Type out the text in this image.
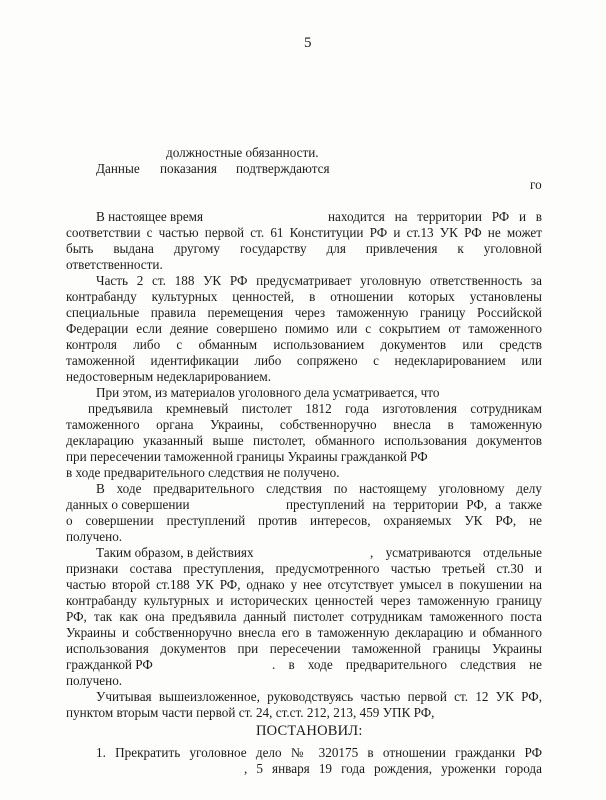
5
должностные обязанности.
Данные показания подтверждаются
го
В настоящее время	находится на территории РФ и в
соответствии с частью первой ст. 61 Конституции РФ и ст.13 УК РФ не может
быть выдана другому государству для привлечения к уголовной
ответственности.
Часть 2 ст. 188 УК РФ предусматривает уголовную ответственность за
контрабанду культурных ценностей, в отношении которых установлены
специальные правила перемещения через таможенную границу Российской
Федерации если деяние совершено помимо или с сокрытием от таможенного
контроля либо с обманным использованием документов или средств
таможенной идентификации либо сопряжено с недекларированием или
недостоверным недекларированием.
При этом, из материалов уголовного дела усматривается, что
предъявила кремневый пистолет 1812 года изготовления сотрудникам
таможенного органа Украины, собственноручно внесла в таможенную
декларацию указанный выше пистолет, обманного использования документов
при пересечении таможенной границы Украины гражданкой РФ
в ходе предварительного следствия не получено.
В ходе предварительного следствия по настоящему уголовному делу
данных о совершении	преступлений на территории РФ, а также
о совершении преступлений против интересов, охраняемых УК РФ, не
получено.
Таким образом, в действиях	, усматриваются отдельные
признаки состава преступления, предусмотренного частью третьей ст.30 и
частью второй ст.188 УК РФ, однако у нее отсутствует умысел в покушении на
контрабанду культурных и исторических ценностей через таможенную границу
РФ, так как она предъявила данный пистолет сотрудникам таможенного поста
Украины и собственноручно внесла его в таможенную декларацию и обманного
использования документов при пересечении таможенной границы Украины
гражданкой РФ	. в ходе предварительного следствия не
получено.
Учитывая вышеизложенное, руководствуясь частью первой ст. 12 УК РФ,
пунктом вторым части первой ст. 24, ст.ст. 212, 213, 459 УПК РФ,
ПОСТАНОВИЛ:
1. Прекратить уголовное дело № 320175 в отношении гражданки РФ
, 5 января 19 года рождения, уроженки города
